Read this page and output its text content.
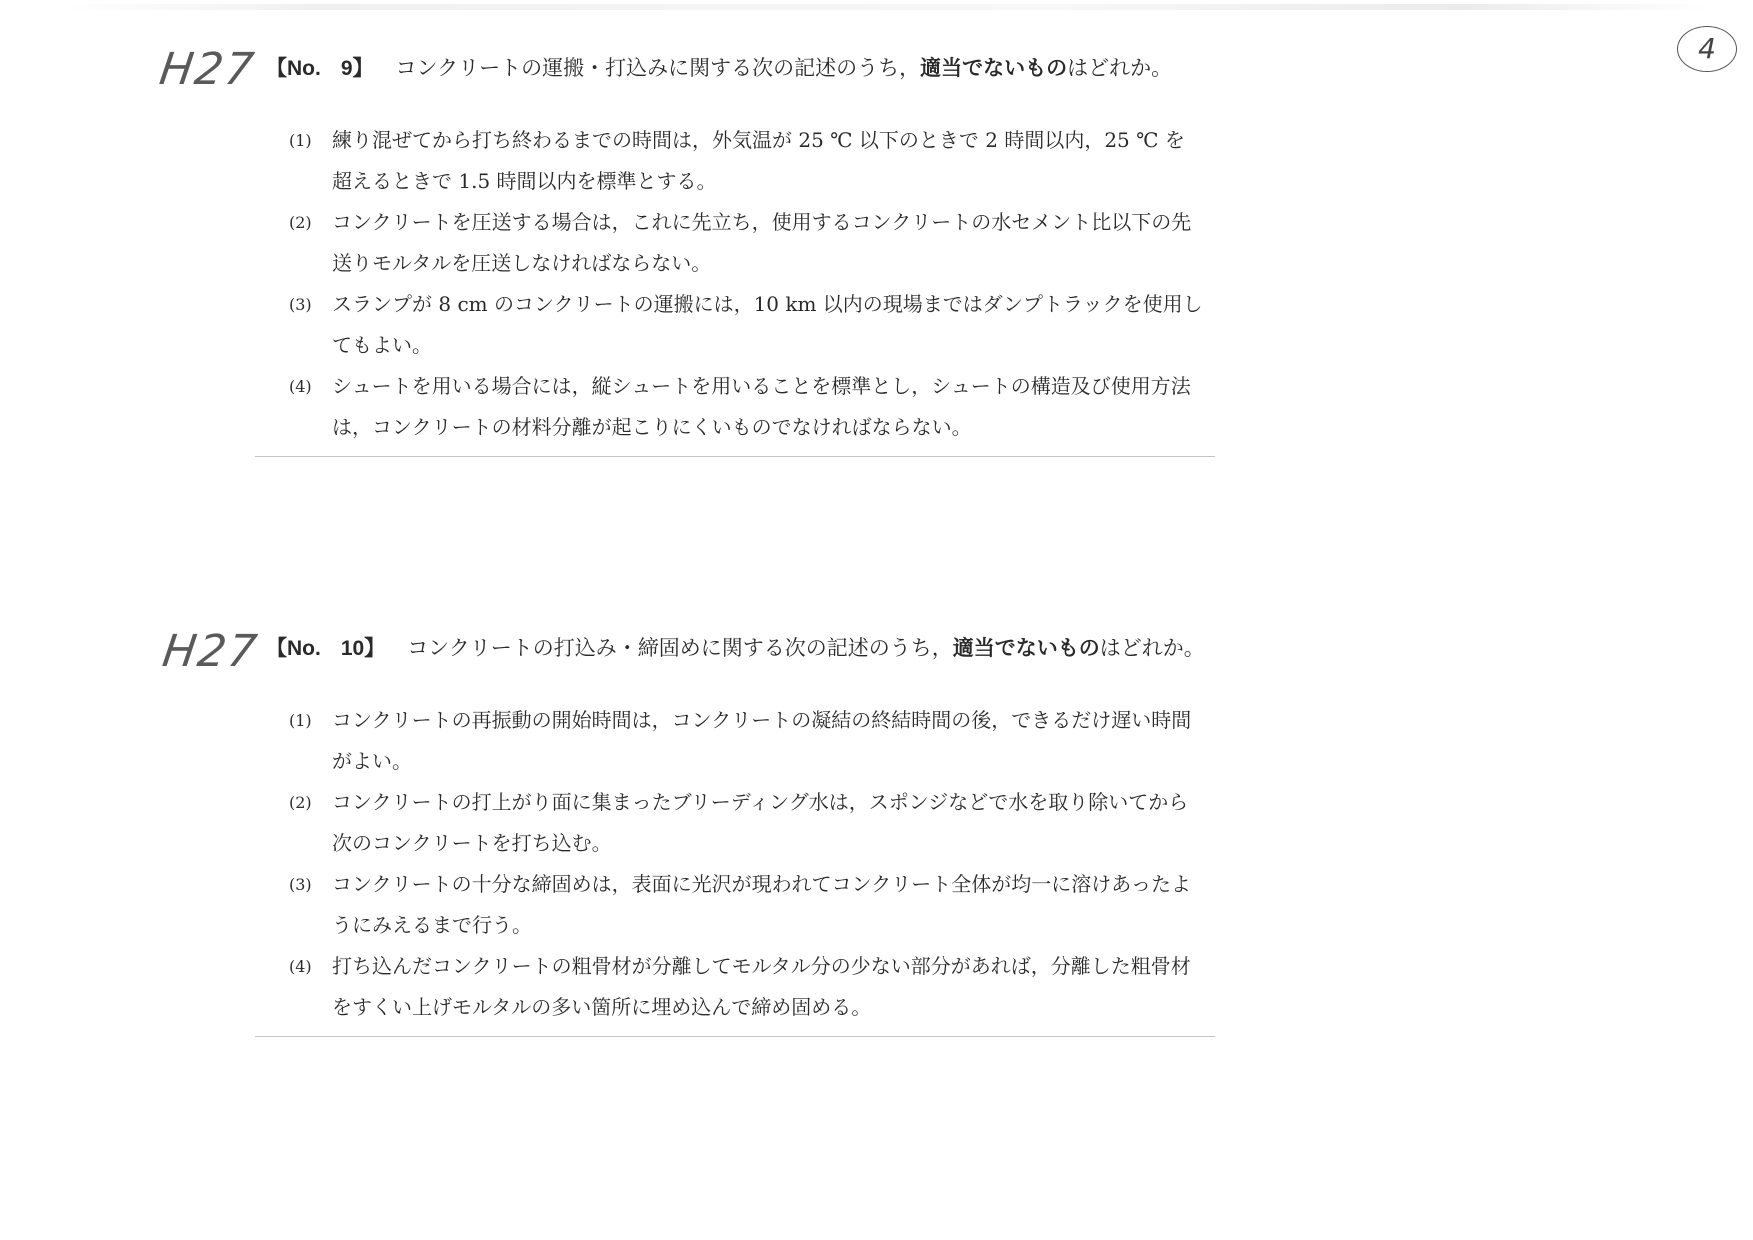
4
H27 【No. 9】 コンクリートの運搬・打込みに関する次の記述のうち，適当でないものはどれか。
(1) 練り混ぜてから打ち終わるまでの時間は，外気温が 25 ℃ 以下のときで 2 時間以内，25 ℃ を超えるときで 1.5 時間以内を標準とする。
(2) コンクリートを圧送する場合は，これに先立ち，使用するコンクリートの水セメント比以下の先送りモルタルを圧送しなければならない。
(3) スランプが 8 cm のコンクリートの運搬には，10 km 以内の現場まではダンプトラックを使用してもよい。
(4) シュートを用いる場合には，縦シュートを用いることを標準とし，シュートの構造及び使用方法は，コンクリートの材料分離が起こりにくいものでなければならない。
H27 【No. 10】 コンクリートの打込み・締固めに関する次の記述のうち，適当でないものはどれか。
(1) コンクリートの再振動の開始時間は，コンクリートの凝結の終結時間の後，できるだけ遅い時間がよい。
(2) コンクリートの打上がり面に集まったブリーディング水は，スポンジなどで水を取り除いてから次のコンクリートを打ち込む。
(3) コンクリートの十分な締固めは，表面に光沢が現われてコンクリート全体が均一に溶けあったようにみえるまで行う。
(4) 打ち込んだコンクリートの粗骨材が分離してモルタル分の少ない部分があれば，分離した粗骨材をすくい上げモルタルの多い箇所に埋め込んで締め固める。
